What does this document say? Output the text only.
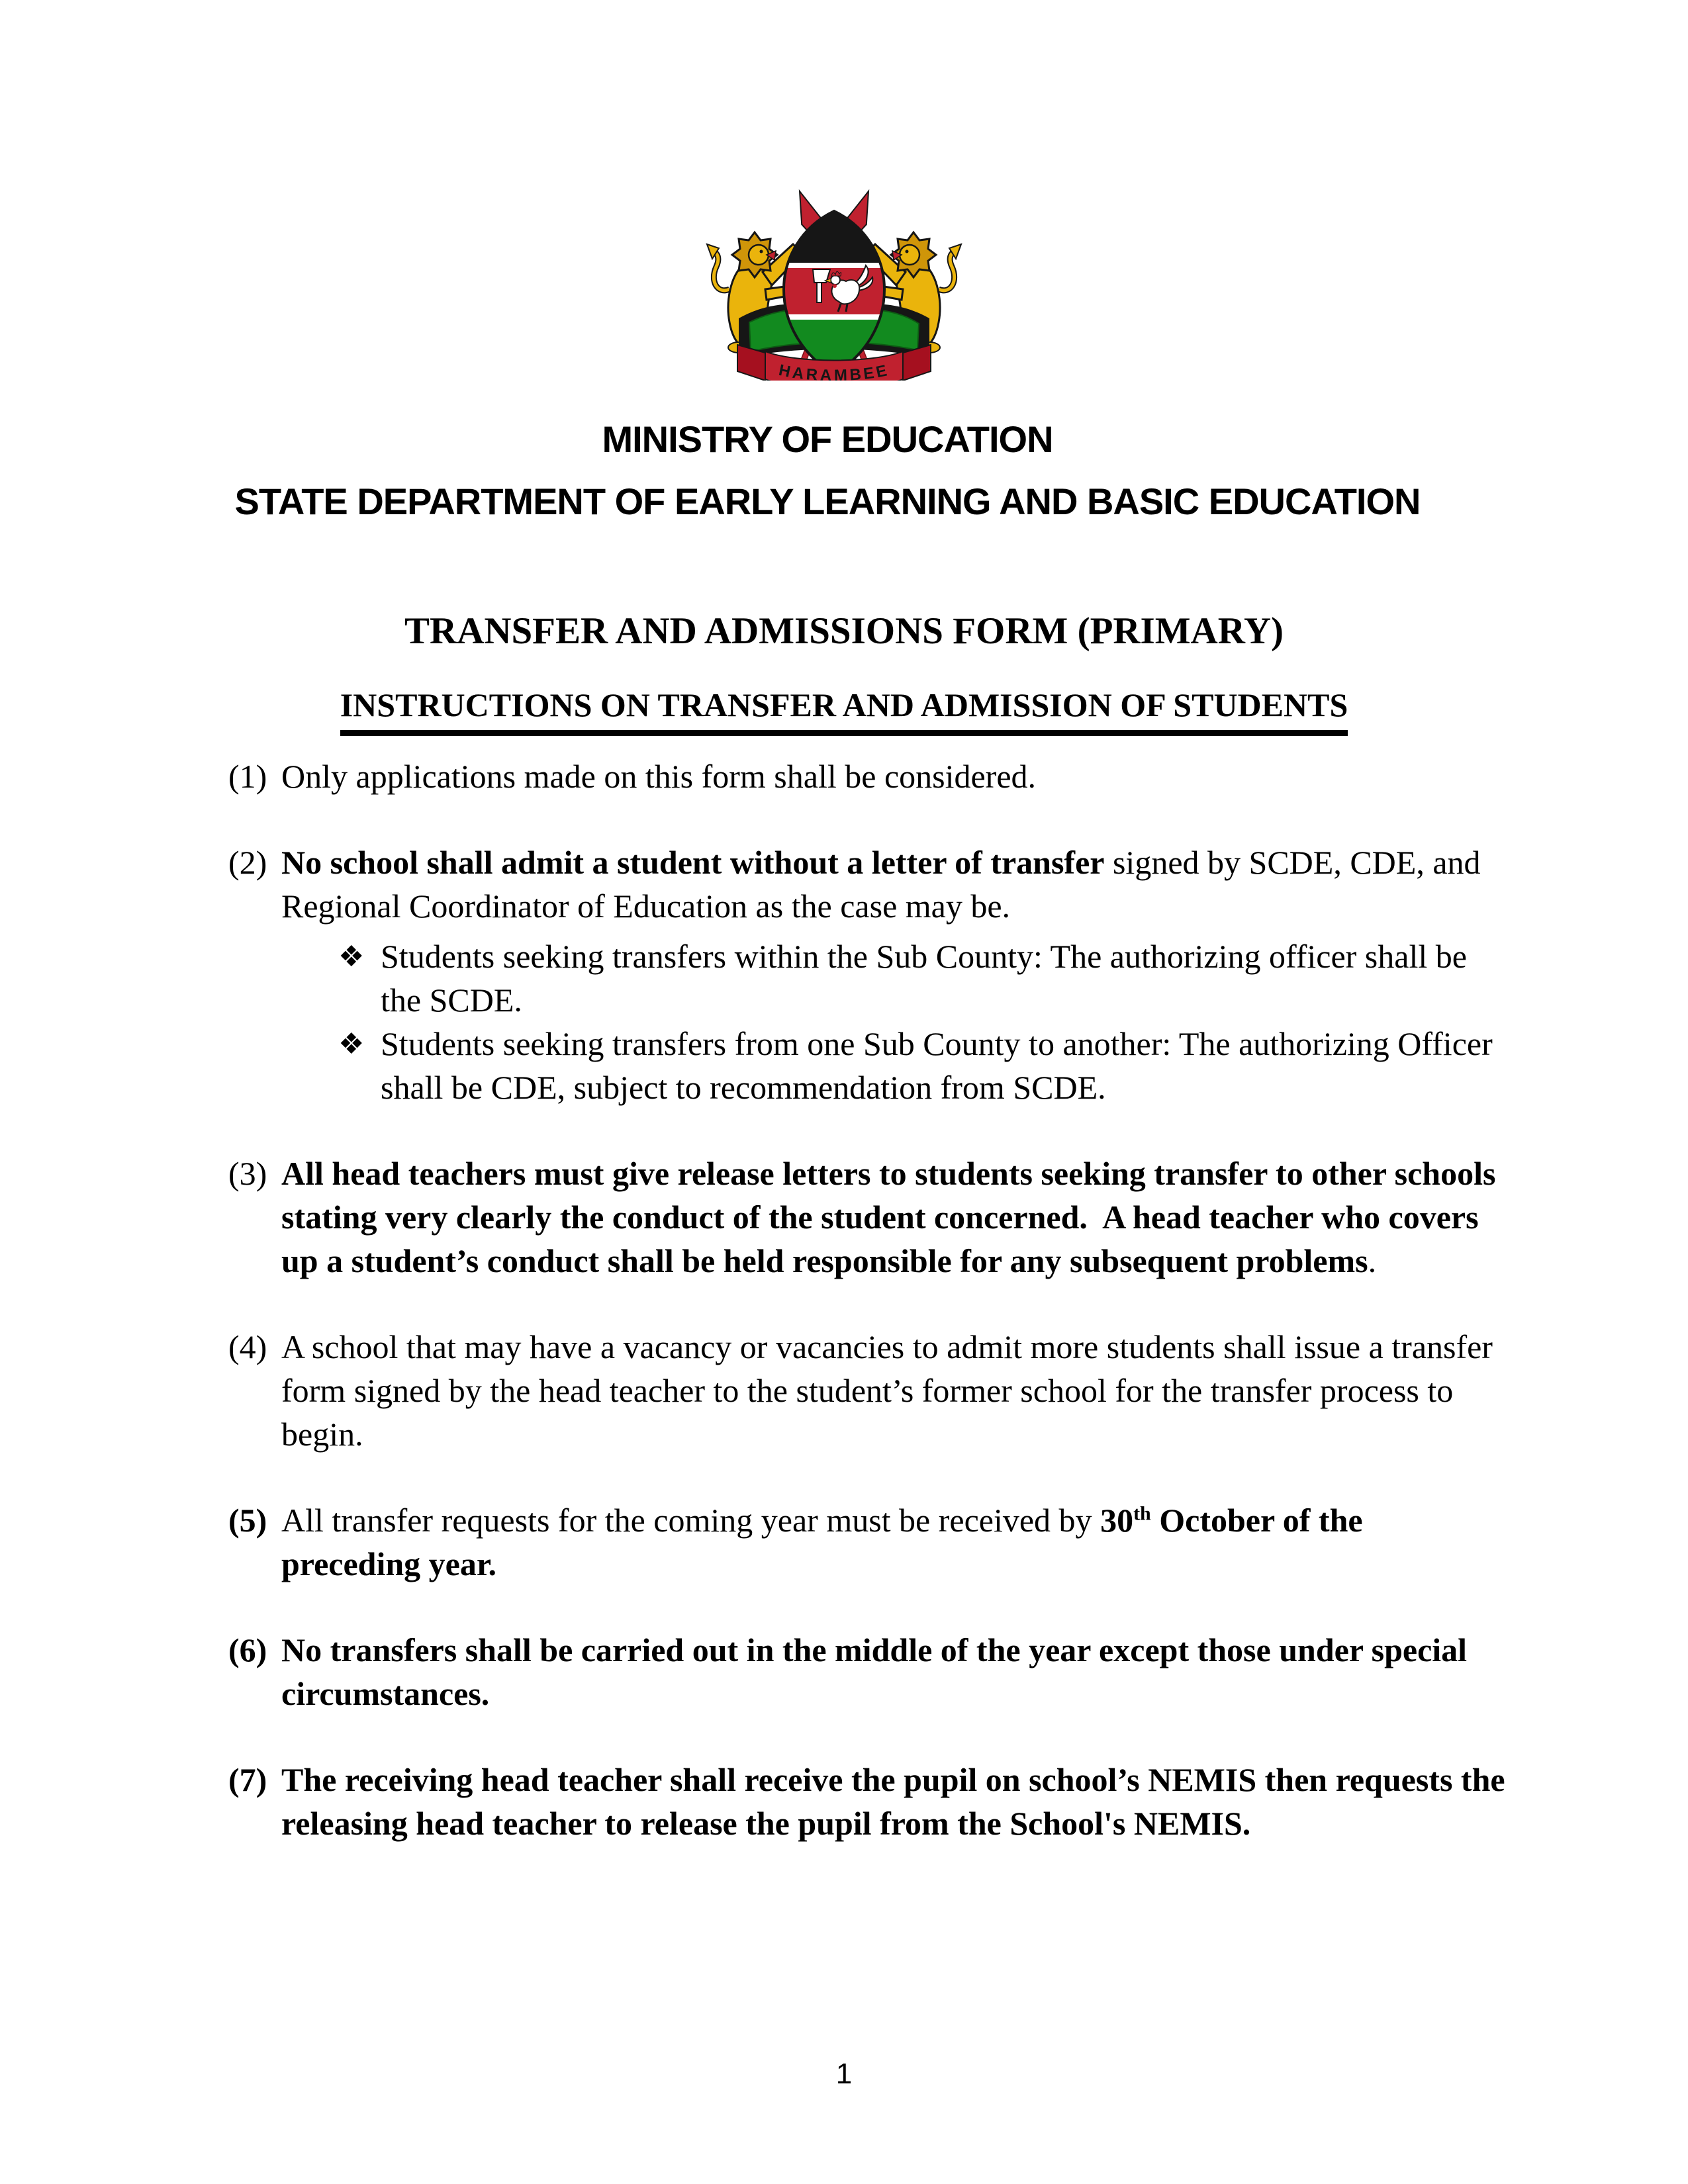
HARAMBEE
MINISTRY OF EDUCATION
STATE DEPARTMENT OF EARLY LEARNING AND BASIC EDUCATION
TRANSFER AND ADMISSIONS FORM (PRIMARY)
INSTRUCTIONS ON TRANSFER AND ADMISSION OF STUDENTS
(1) Only applications made on this form shall be considered.
(2) No school shall admit a student without a letter of transfer signed by SCDE, CDE, and
Regional Coordinator of Education as the case may be.
❖ Students seeking transfers within the Sub County: The authorizing officer shall be
the SCDE.
❖ Students seeking transfers from one Sub County to another: The authorizing Officer
shall be CDE, subject to recommendation from SCDE.
(3) All head teachers must give release letters to students seeking transfer to other schools
stating very clearly the conduct of the student concerned.  A head teacher who covers
up a student’s conduct shall be held responsible for any subsequent problems.
(4) A school that may have a vacancy or vacancies to admit more students shall issue a transfer
form signed by the head teacher to the student’s former school for the transfer process to
begin.
(5) All transfer requests for the coming year must be received by 30th October of the
preceding year.
(6) No transfers shall be carried out in the middle of the year except those under special
circumstances.
(7) The receiving head teacher shall receive the pupil on school’s NEMIS then requests the
releasing head teacher to release the pupil from the School's NEMIS.
1
